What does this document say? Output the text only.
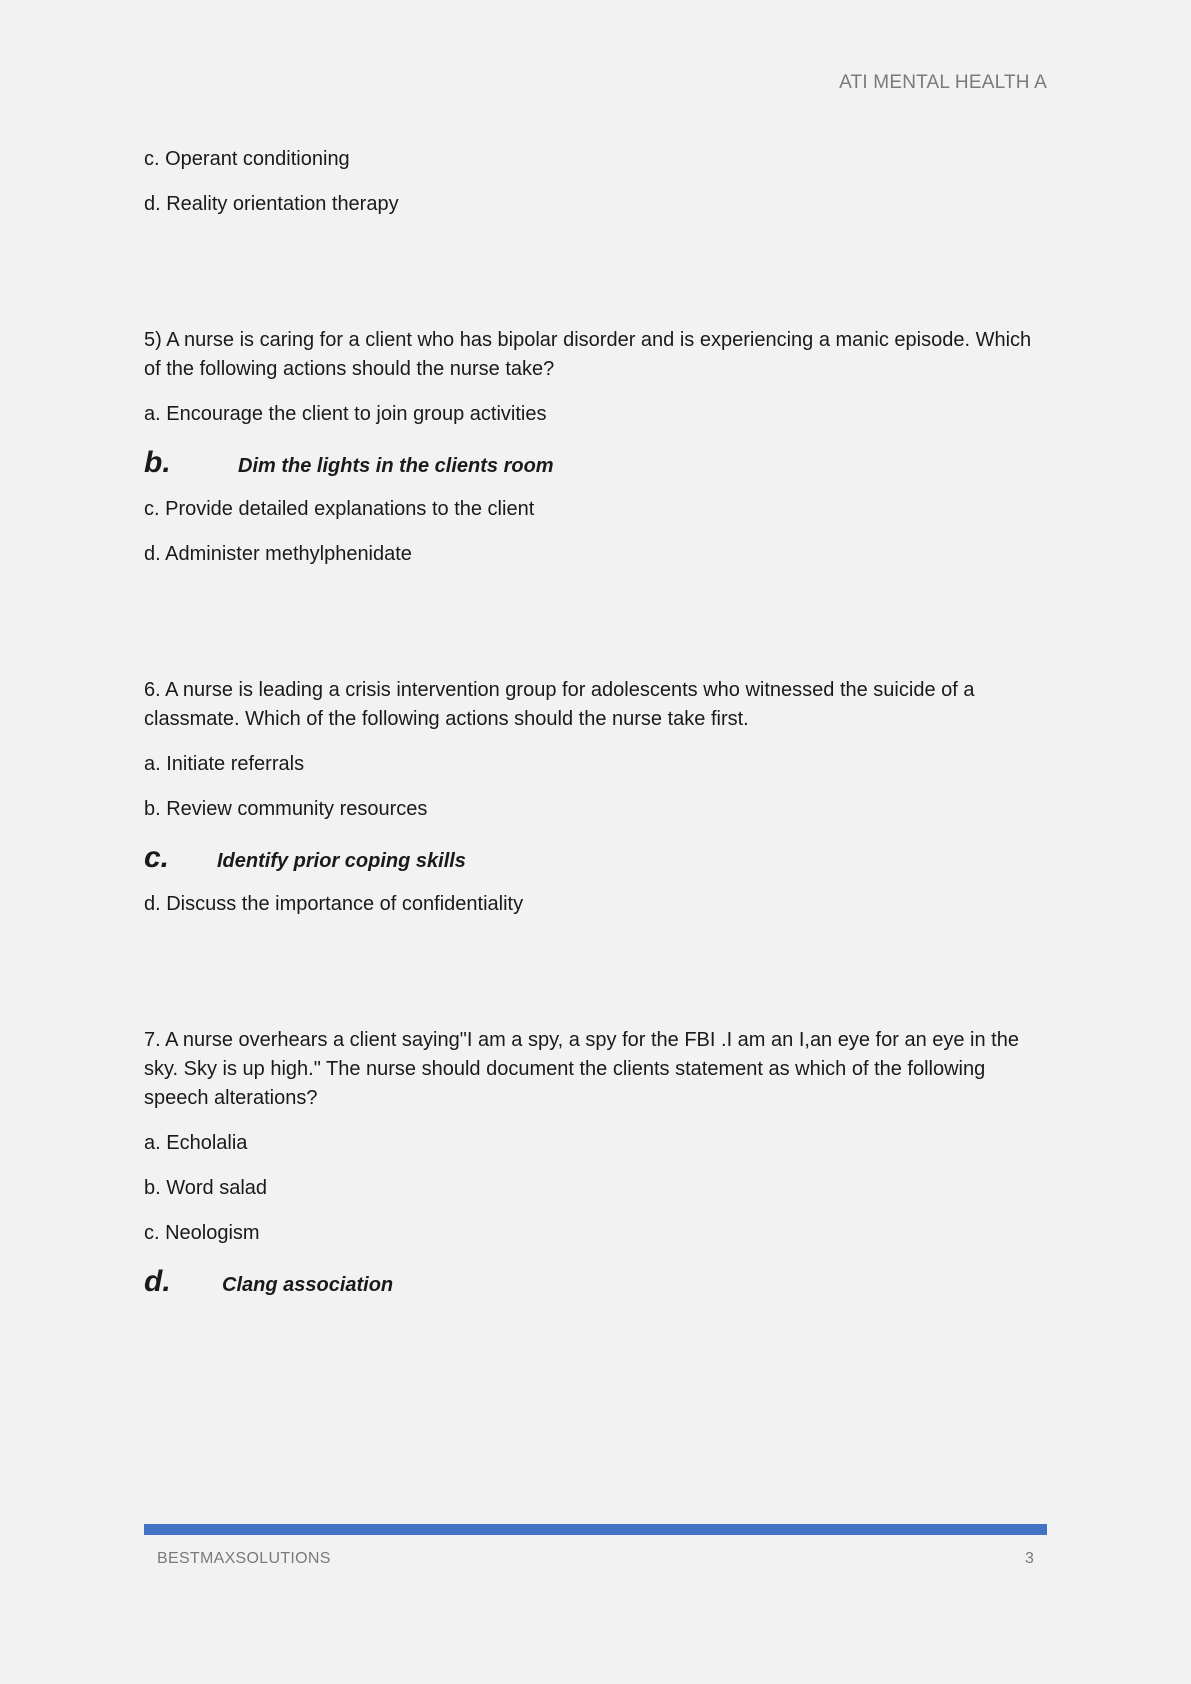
ATI MENTAL HEALTH A

c. Operant conditioning

d. Reality orientation therapy

5) A nurse is caring for a client who has bipolar disorder and is experiencing a manic episode. Which of the following actions should the nurse take?

a. Encourage the client to join group activities

b.	Dim the lights in the clients room

c. Provide detailed explanations to the client

d. Administer methylphenidate

6. A nurse is leading a crisis intervention group for adolescents who witnessed the suicide of a classmate. Which of the following actions should the nurse take first.

a. Initiate referrals

b. Review community resources

c.	Identify prior coping skills

d. Discuss the importance of confidentiality

7. A nurse overhears a client saying"I am a spy, a spy for the FBI .I am an I,an eye for an eye in the sky. Sky is up high." The nurse should document the clients statement as which of the following speech alterations?

a. Echolalia

b. Word salad

c. Neologism

d.	Clang association
BESTMAXSOLUTIONS	3
